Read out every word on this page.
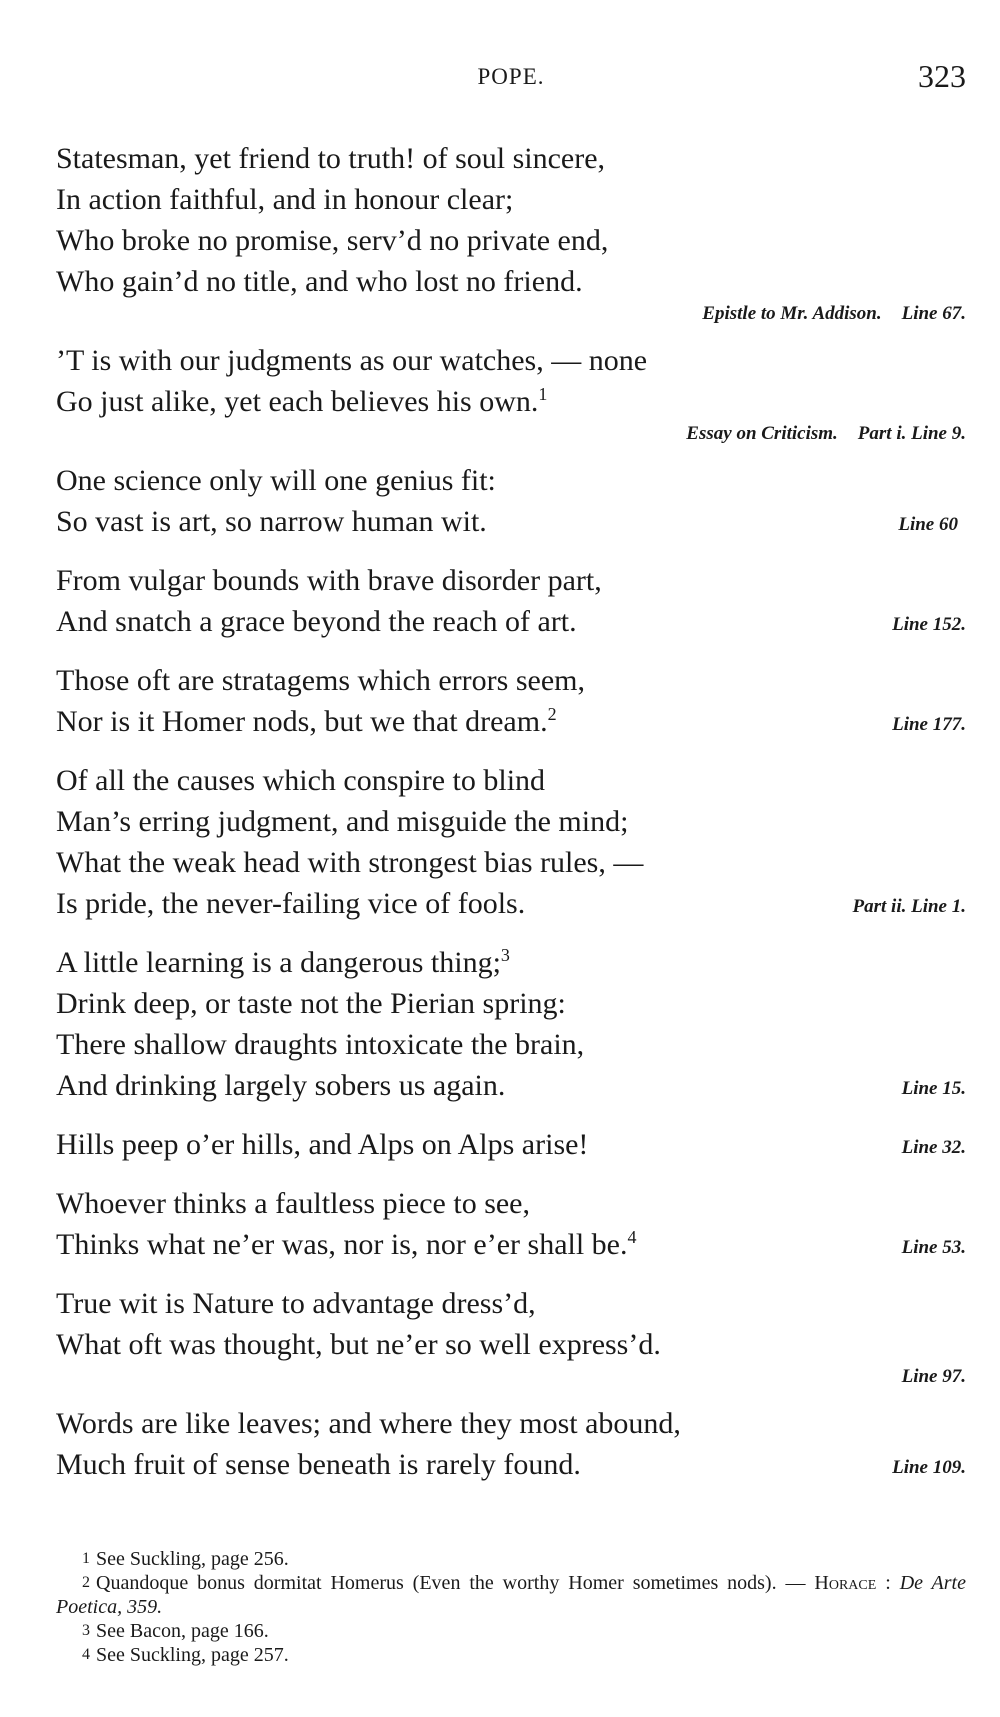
POPE.	323
Statesman, yet friend to truth! of soul sincere,
In action faithful, and in honour clear;
Who broke no promise, serv’d no private end,
Who gain’d no title, and who lost no friend.
Epistle to Mr. Addison. Line 67.
’T is with our judgments as our watches, — none
Go just alike, yet each believes his own.$^1$
Essay on Criticism. Part i. Line 9.
One science only will one genius fit:
So vast is art, so narrow human wit.	Line 60
From vulgar bounds with brave disorder part,
And snatch a grace beyond the reach of art.	Line 152.
Those oft are stratagems which errors seem,
Nor is it Homer nods, but we that dream.$^2$	Line 177.
Of all the causes which conspire to blind
Man’s erring judgment, and misguide the mind;
What the weak head with strongest bias rules, —
Is pride, the never-failing vice of fools.	Part ii. Line 1.
A little learning is a dangerous thing;$^3$
Drink deep, or taste not the Pierian spring:
There shallow draughts intoxicate the brain,
And drinking largely sobers us again.	Line 15.
Hills peep o’er hills, and Alps on Alps arise!	Line 32.
Whoever thinks a faultless piece to see,
Thinks what ne’er was, nor is, nor e’er shall be.$^4$	Line 53.
True wit is Nature to advantage dress’d,
What oft was thought, but ne’er so well express’d.
Line 97.
Words are like leaves; and where they most abound,
Much fruit of sense beneath is rarely found.	Line 109.
1 See Suckling, page 256.
2 Quandoque bonus dormitat Homerus (Even the worthy Homer sometimes nods). — Horace : De Arte Poetica, 359.
3 See Bacon, page 166.
4 See Suckling, page 257.
